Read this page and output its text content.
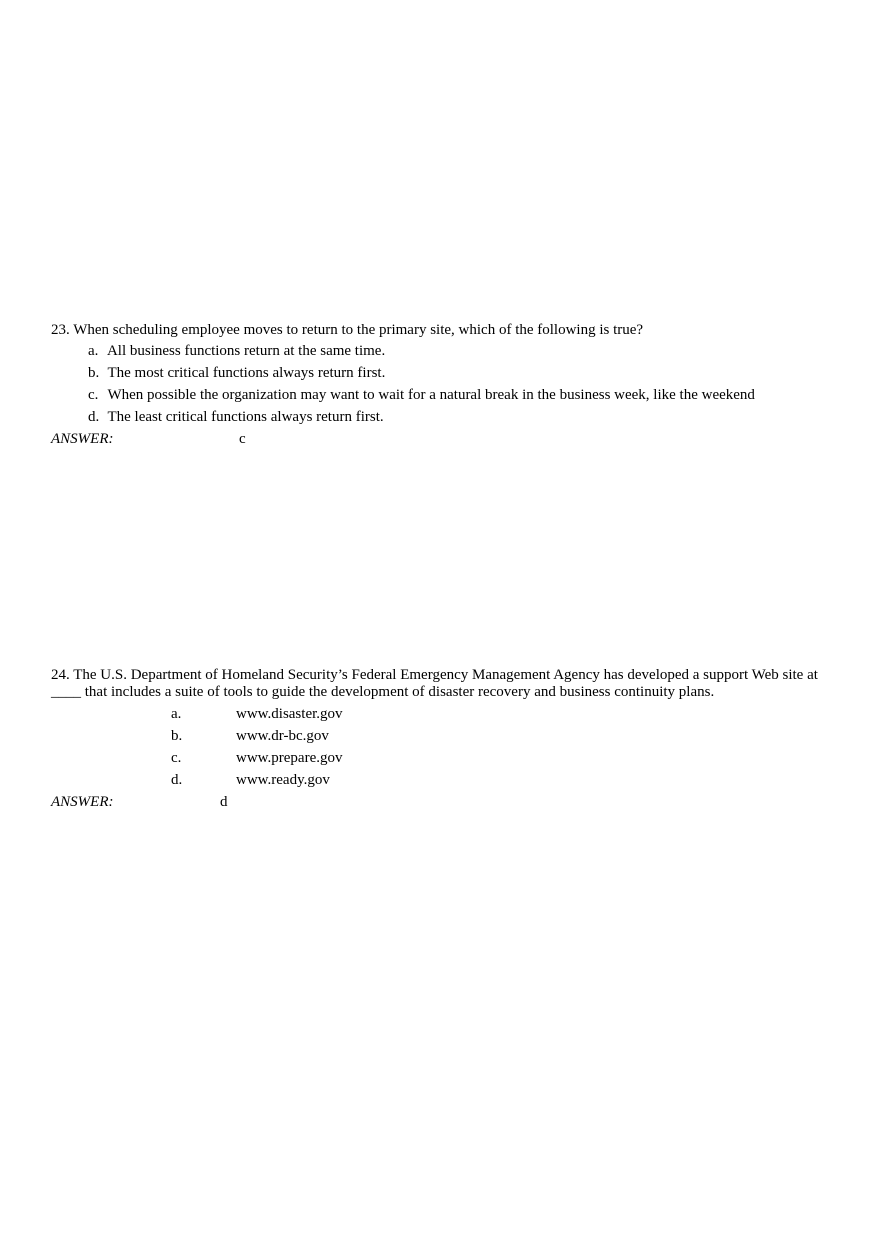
23. When scheduling employee moves to return to the primary site, which of the following is true?

a. All business functions return at the same time.
b. The most critical functions always return first.
c. When possible the organization may want to wait for a natural break in the business week, like the weekend
d. The least critical functions always return first.
ANSWER:	c

24. The U.S. Department of Homeland Security’s Federal Emergency Management Agency has developed a support Web site at ____ that includes a suite of tools to guide the development of disaster recovery and business continuity plans.

a.	www.disaster.gov
b.	www.dr-bc.gov
c.	www.prepare.gov
d.	www.ready.gov
ANSWER:	d
